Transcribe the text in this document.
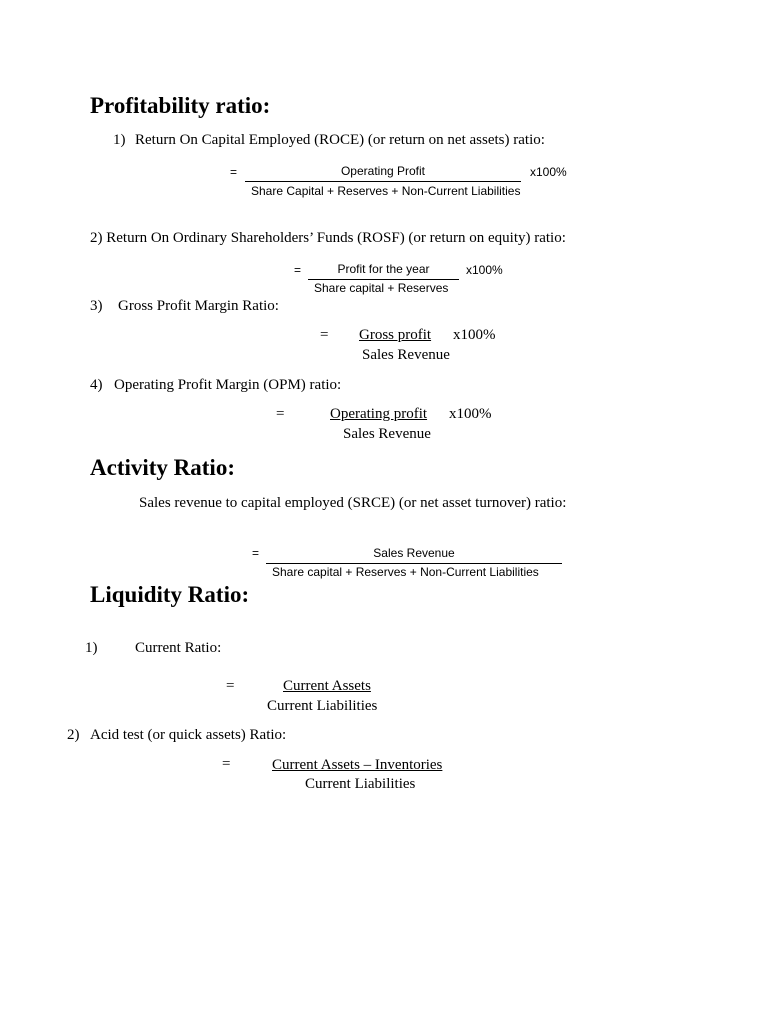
Profitability ratio:
1) Return On Capital Employed (ROCE) (or return on net assets) ratio:
=	Operating Profit	x100%
Share Capital + Reserves + Non-Current Liabilities
2) Return On Ordinary Shareholders’ Funds (ROSF) (or return on equity) ratio:
=	Profit for the year	x100%
Share capital + Reserves
3) Gross Profit Margin Ratio:
= Gross profit x100%
Sales Revenue
4) Operating Profit Margin (OPM) ratio:
=	Operating profit x100%
Sales Revenue
Activity Ratio:
Sales revenue to capital employed (SRCE) (or net asset turnover) ratio:
=	Sales Revenue
Share capital + Reserves + Non-Current Liabilities
Liquidity Ratio:
1)	Current Ratio:
=	Current Assets
Current Liabilities
2) Acid test (or quick assets) Ratio:
=	Current Assets – Inventories
Current Liabilities
